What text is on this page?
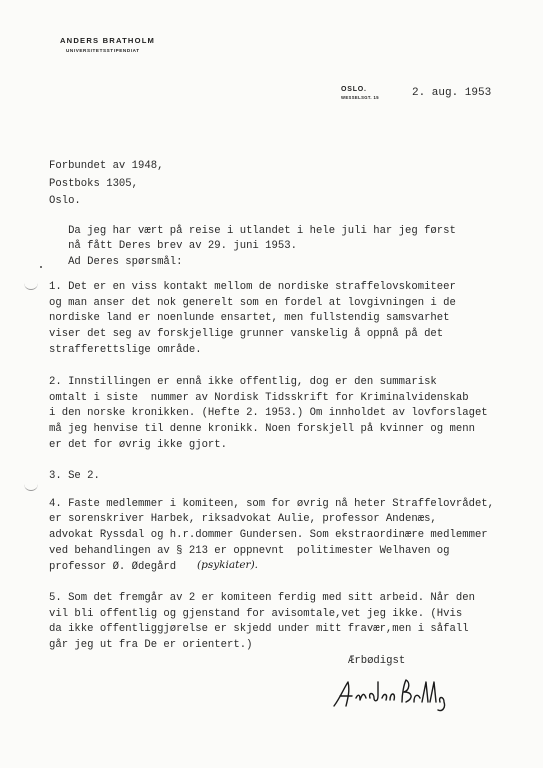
ANDERS BRATHOLM
UNIVERSITETSSTIPENDIAT
OSLO.
WESSELSGT. 15	2. aug. 1953
Forbundet av 1948,
Postboks 1305,
Oslo.
Da jeg har vært på reise i utlandet i hele juli har jeg først
nå fått Deres brev av 29. juni 1953.
Ad Deres spørsmål:
1. Det er en viss kontakt mellom de nordiske straffelovskomiteer
og man anser det nok generelt som en fordel at lovgivningen i de
nordiske land er noenlunde ensartet, men fullstendig samsvarhet
viser det seg av forskjellige grunner vanskelig å oppnå på det
strafferettslige område.
2. Innstillingen er ennå ikke offentlig, dog er den summarisk
omtalt i siste  nummer av Nordisk Tidsskrift for Kriminalvidenskab
i den norske kronikken. (Hefte 2. 1953.) Om innholdet av lovforslaget
må jeg henvise til denne kronikk. Noen forskjell på kvinner og menn
er det for øvrig ikke gjort.
3. Se 2.
4. Faste medlemmer i komiteen, som for øvrig nå heter Straffelovrådet,
er sorenskriver Harbek, riksadvokat Aulie, professor Andenæs,
advokat Ryssdal og h.r.dommer Gundersen. Som ekstraordinære medlemmer
ved behandlingen av § 213 er oppnevnt  politimester Welhaven og
professor Ø. Ødegård (psykiater).
5. Som det fremgår av 2 er komiteen ferdig med sitt arbeid. Når den
vil bli offentlig og gjenstand for avisomtale,vet jeg ikke. (Hvis
da ikke offentliggjørelse er skjedd under mitt fravær,men i såfall
går jeg ut fra De er orientert.)
Ærbødigst
